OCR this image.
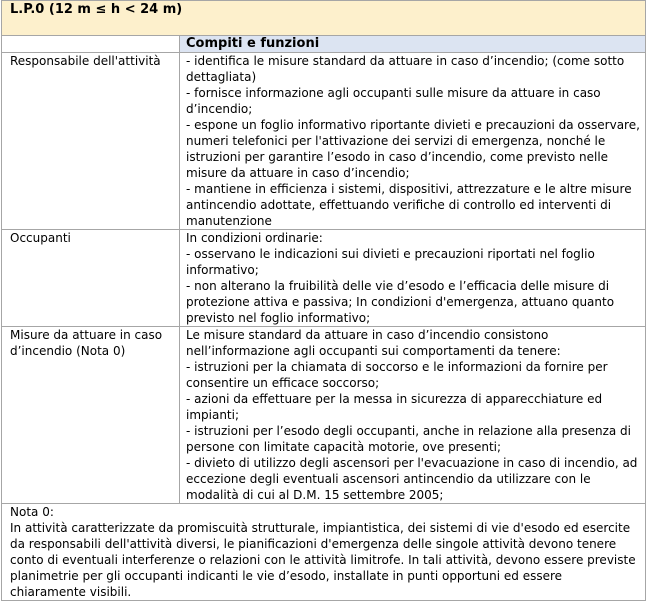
L.P.0 (12 m ≤ h < 24 m)	
	Compiti e funzioni
Responsabile dell'attività	- identifica le misure standard da attuare in caso d’incendio; (come sotto dettagliata)
- fornisce informazione agli occupanti sulle misure da attuare in caso d’incendio;
- espone un foglio informativo riportante divieti e precauzioni da osservare, numeri telefonici per l'attivazione dei servizi di emergenza, nonché le istruzioni per garantire l’esodo in caso d’incendio, come previsto nelle misure da attuare in caso d’incendio;
- mantiene in efficienza i sistemi, dispositivi, attrezzature e le altre misure antincendio adottate, effettuando verifiche di controllo ed interventi di manutenzione

Occupanti	In condizioni ordinarie:
- osservano le indicazioni sui divieti e precauzioni riportati nel foglio informativo;
- non alterano la fruibilità delle vie d’esodo e l’efficacia delle misure di protezione attiva e passiva; In condizioni d'emergenza, attuano quanto previsto nel foglio informativo;

Misure da attuare in caso d’incendio (Nota 0)	Le misure standard da attuare in caso d’incendio consistono nell’informazione agli occupanti sui comportamenti da tenere:
- istruzioni per la chiamata di soccorso e le informazioni da fornire per consentire un efficace soccorso;
- azioni da effettuare per la messa in sicurezza di apparecchiature ed impianti;
- istruzioni per l’esodo degli occupanti, anche in relazione alla presenza di persone con limitate capacità motorie, ove presenti;
- divieto di utilizzo degli ascensori per l'evacuazione in caso di incendio, ad eccezione degli eventuali ascensori antincendio da utilizzare con le modalità di cui al D.M. 15 settembre 2005;

Nota 0:
In attività caratterizzate da promiscuità strutturale, impiantistica, dei sistemi di vie d'esodo ed esercite da responsabili dell'attività diversi, le pianificazioni d'emergenza delle singole attività devono tenere conto di eventuali interferenze o relazioni con le attività limitrofe. In tali attività, devono essere previste planimetrie per gli occupanti indicanti le vie d’esodo, installate in punti opportuni ed essere chiaramente visibili.	
